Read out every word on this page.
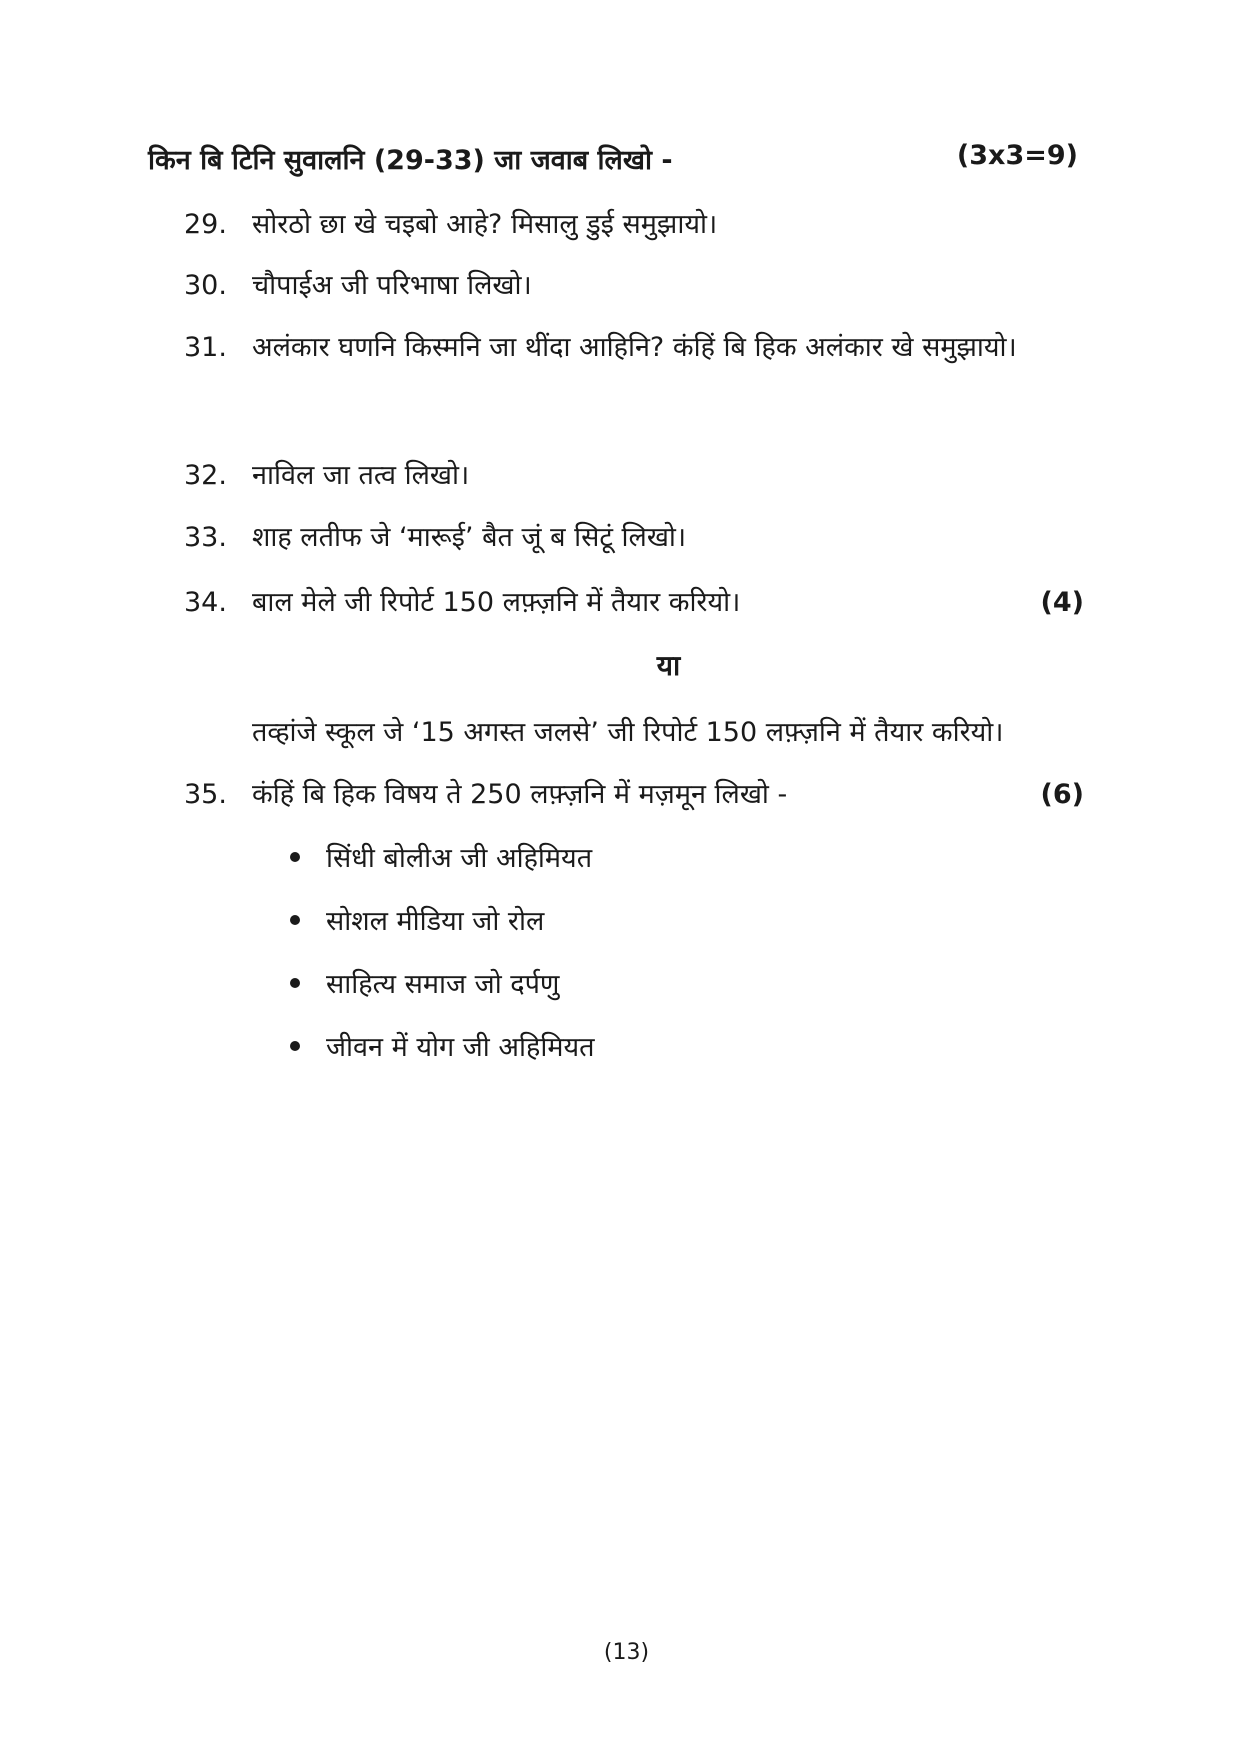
किन बि टिनि सुवालनि (29-33) जा जवाब लिखो -	(3x3=9)
29. सोरठो छा खे चइबो आहे? मिसालु डुई समुझायो।
30. चौपाईअ जी परिभाषा लिखो।
31. अलंकार घणनि किस्मनि जा थींदा आहिनि? कंहिं बि हिक अलंकार खे समुझायो।
32. नाविल जा तत्व लिखो।
33. शाह लतीफ जे ‘मारूई’ बैत जूं ब सिटूं लिखो।
34. बाल मेले जी रिपोर्ट 150 लफ़्ज़नि में तैयार करियो।	(4)
या
तव्हांजे स्कूल जे ‘15 अगस्त जलसे’ जी रिपोर्ट 150 लफ़्ज़नि में तैयार करियो।
35. कंहिं बि हिक विषय ते 250 लफ़्ज़नि में मज़मून लिखो -	(6)
सिंधी बोलीअ जी अहिमियत
सोशल मीडिया जो रोल
साहित्य समाज जो दर्पणु
जीवन में योग जी अहिमियत
(13)
